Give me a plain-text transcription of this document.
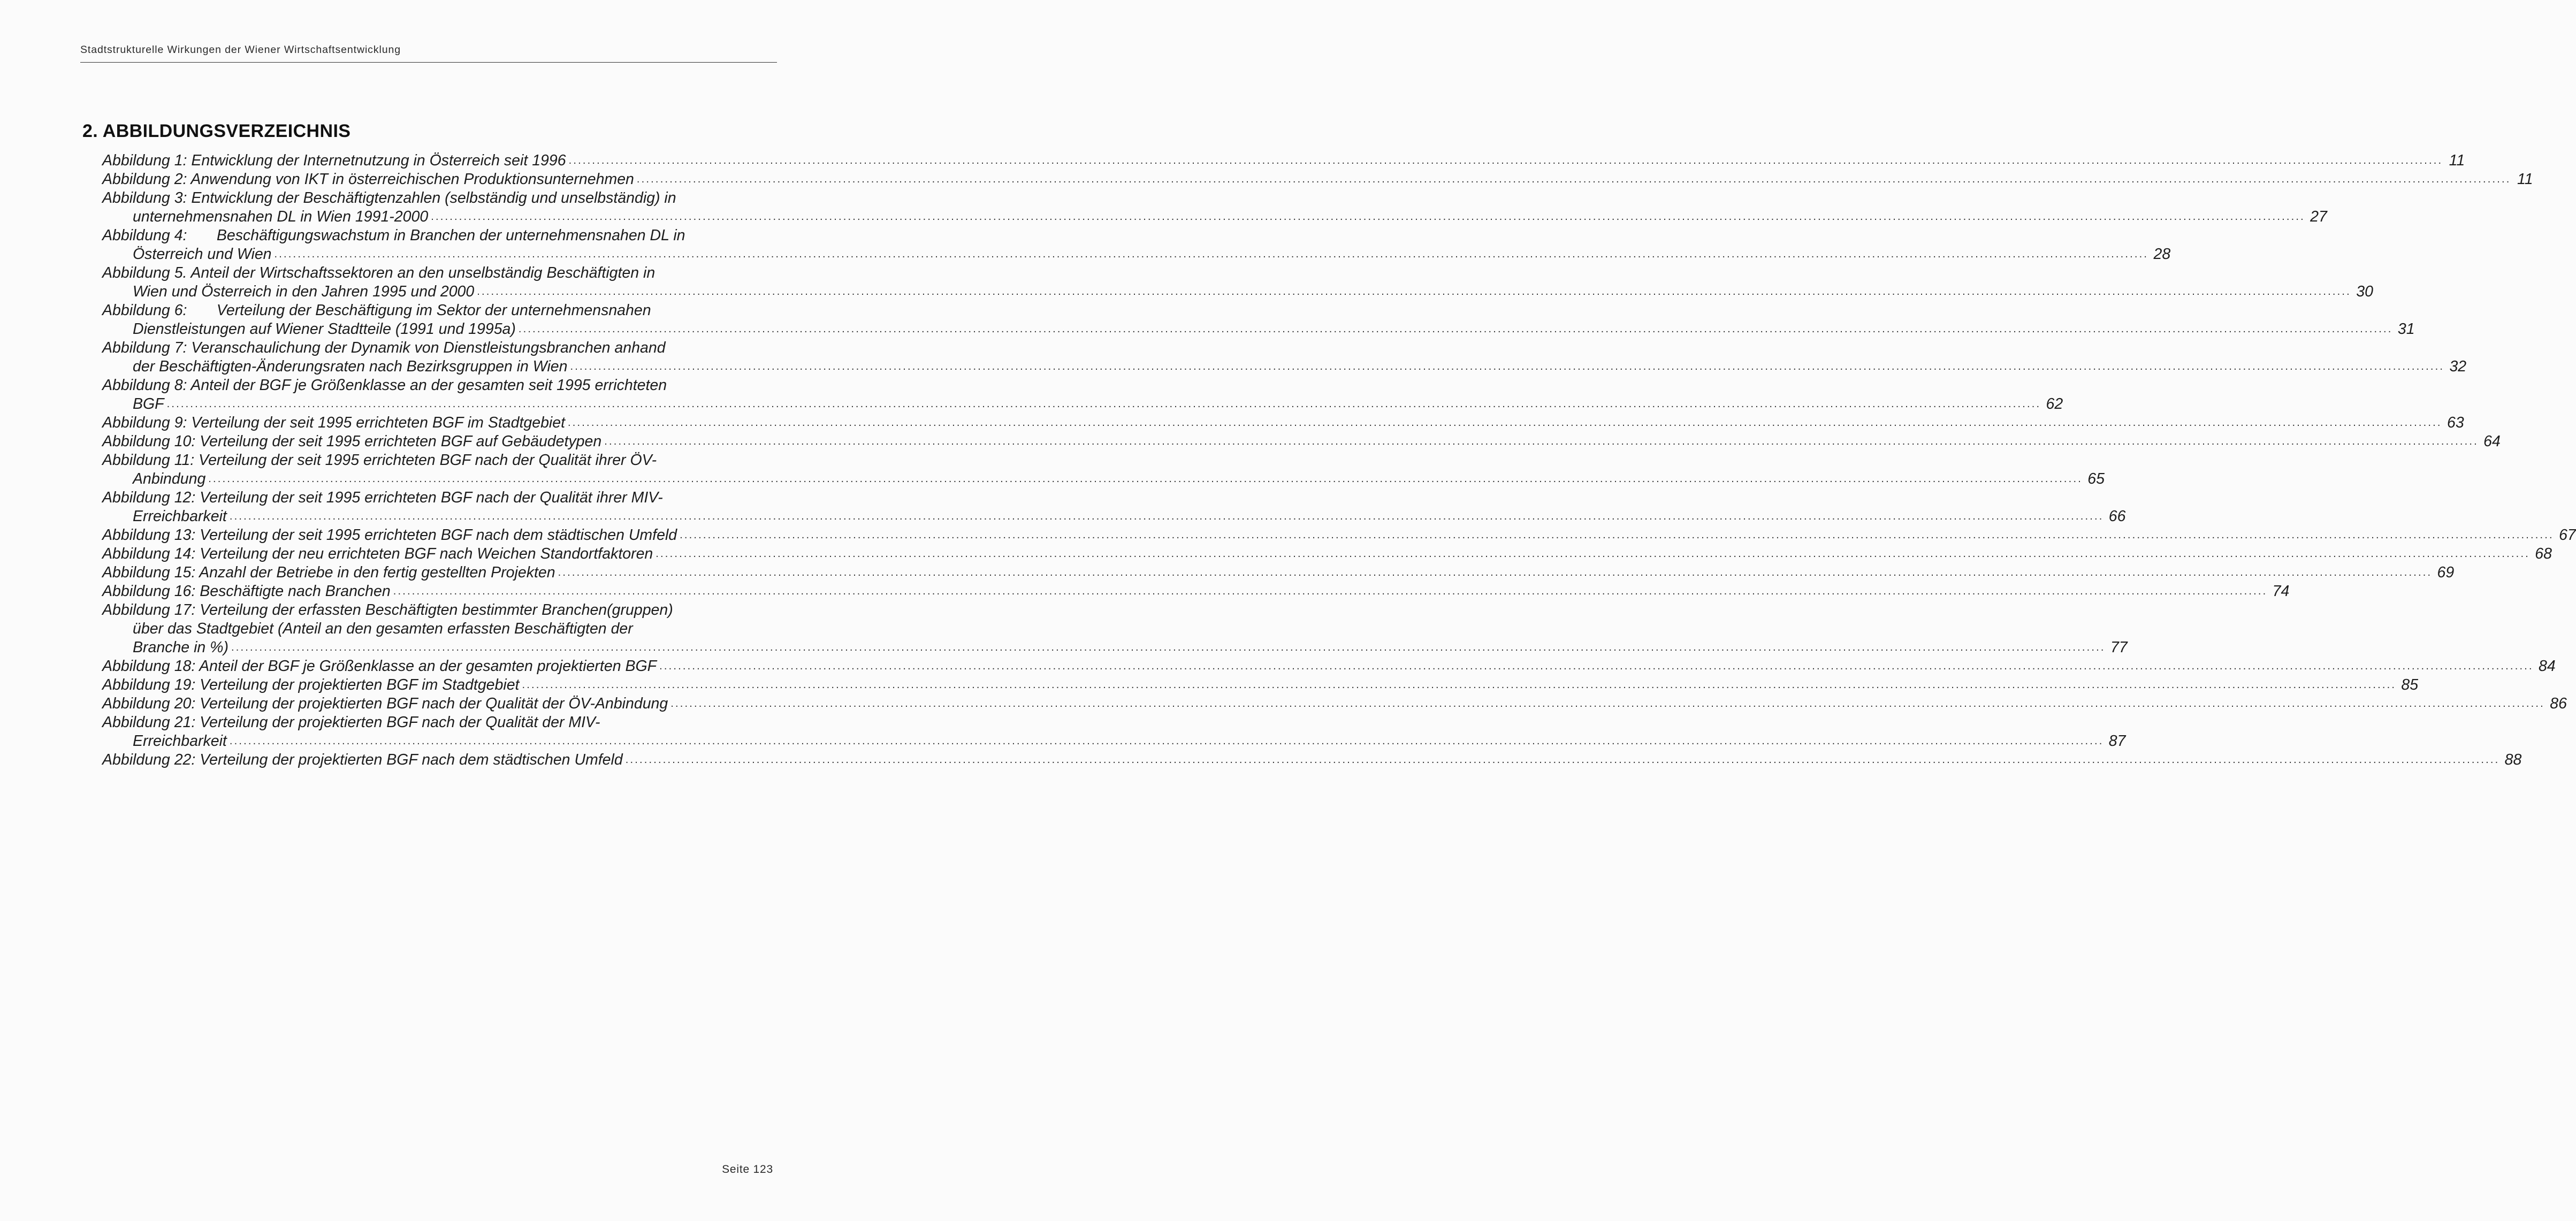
Stadtstrukturelle Wirkungen der Wiener Wirtschaftsentwicklung
2. ABBILDUNGSVERZEICHNIS
Abbildung 1: Entwicklung der Internetnutzung in Österreich seit 1996 ................................................................................................................................................................................................................................................................................................................................................................................................................ 11
Abbildung 2: Anwendung von IKT in österreichischen Produktionsunternehmen ................................................................................................................................................................................................................................................................................................................................................................................................................ 11
Abbildung 3: Entwicklung der Beschäftigtenzahlen (selbständig und unselbständig) in
unternehmensnahen DL in Wien 1991-2000 ................................................................................................................................................................................................................................................................................................................................................................................................................ 27
Abbildung 4:       Beschäftigungswachstum in Branchen der unternehmensnahen DL in
Österreich und Wien ................................................................................................................................................................................................................................................................................................................................................................................................................ 28
Abbildung 5. Anteil der Wirtschaftssektoren an den unselbständig Beschäftigten in
Wien und Österreich in den Jahren 1995 und 2000 ................................................................................................................................................................................................................................................................................................................................................................................................................ 30
Abbildung 6:       Verteilung der Beschäftigung im Sektor der unternehmensnahen
Dienstleistungen auf Wiener Stadtteile (1991 und 1995a) ................................................................................................................................................................................................................................................................................................................................................................................................................ 31
Abbildung 7: Veranschaulichung der Dynamik von Dienstleistungsbranchen anhand
der Beschäftigten-Änderungsraten nach Bezirksgruppen in Wien ................................................................................................................................................................................................................................................................................................................................................................................................................ 32
Abbildung 8: Anteil der BGF je Größenklasse an der gesamten seit 1995 errichteten
BGF ................................................................................................................................................................................................................................................................................................................................................................................................................ 62
Abbildung 9: Verteilung der seit 1995 errichteten BGF im Stadtgebiet ................................................................................................................................................................................................................................................................................................................................................................................................................ 63
Abbildung 10: Verteilung der seit 1995 errichteten BGF auf Gebäudetypen ................................................................................................................................................................................................................................................................................................................................................................................................................ 64
Abbildung 11: Verteilung der seit 1995 errichteten BGF nach der Qualität ihrer ÖV-
Anbindung ................................................................................................................................................................................................................................................................................................................................................................................................................ 65
Abbildung 12: Verteilung der seit 1995 errichteten BGF nach der Qualität ihrer MIV-
Erreichbarkeit ................................................................................................................................................................................................................................................................................................................................................................................................................ 66
Abbildung 13: Verteilung der seit 1995 errichteten BGF nach dem städtischen Umfeld ................................................................................................................................................................................................................................................................................................................................................................................................................ 67
Abbildung 14: Verteilung der neu errichteten BGF nach Weichen Standortfaktoren ................................................................................................................................................................................................................................................................................................................................................................................................................ 68
Abbildung 15: Anzahl der Betriebe in den fertig gestellten Projekten ................................................................................................................................................................................................................................................................................................................................................................................................................ 69
Abbildung 16: Beschäftigte nach Branchen ................................................................................................................................................................................................................................................................................................................................................................................................................ 74
Abbildung 17: Verteilung der erfassten Beschäftigten bestimmter Branchen(gruppen)
über das Stadtgebiet (Anteil an den gesamten erfassten Beschäftigten der
Branche in %) ................................................................................................................................................................................................................................................................................................................................................................................................................ 77
Abbildung 18: Anteil der BGF je Größenklasse an der gesamten projektierten BGF ................................................................................................................................................................................................................................................................................................................................................................................................................ 84
Abbildung 19: Verteilung der projektierten BGF im Stadtgebiet ................................................................................................................................................................................................................................................................................................................................................................................................................ 85
Abbildung 20: Verteilung der projektierten BGF nach der Qualität der ÖV-Anbindung ................................................................................................................................................................................................................................................................................................................................................................................................................ 86
Abbildung 21: Verteilung der projektierten BGF nach der Qualität der MIV-
Erreichbarkeit ................................................................................................................................................................................................................................................................................................................................................................................................................ 87
Abbildung 22: Verteilung der projektierten BGF nach dem städtischen Umfeld ................................................................................................................................................................................................................................................................................................................................................................................................................ 88
Seite 123
